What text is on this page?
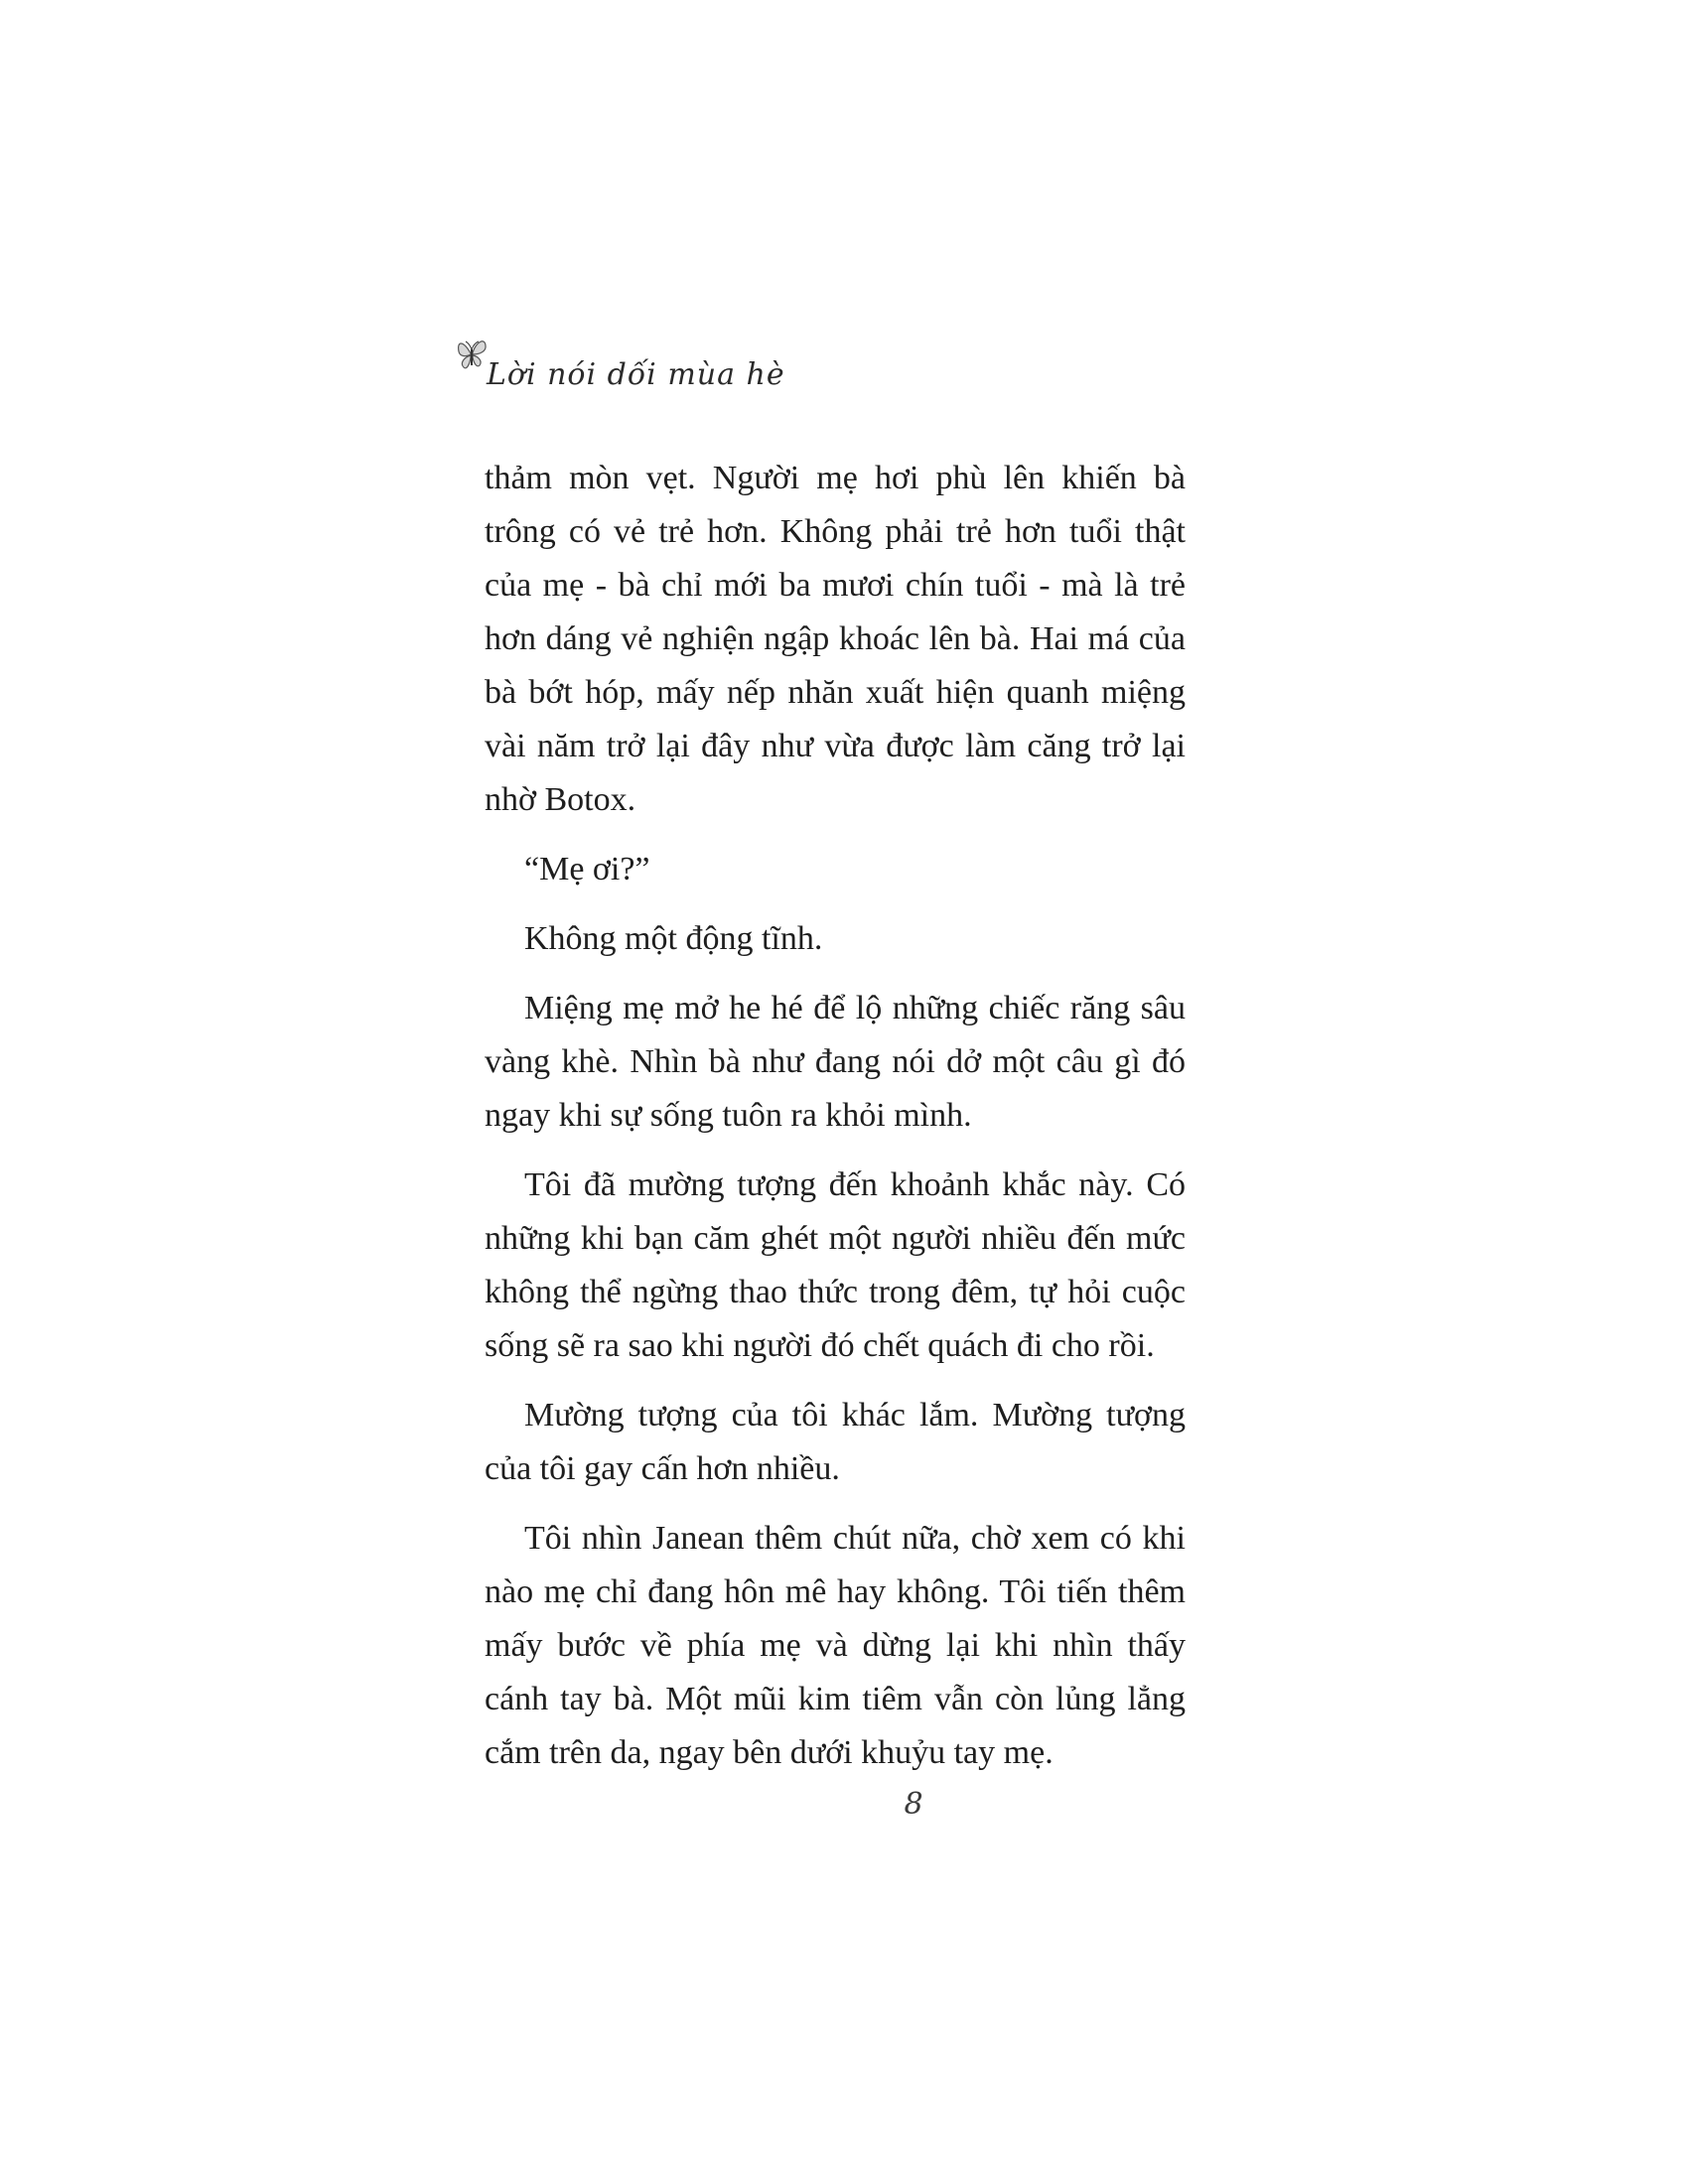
Lời nói dối mùa hè

thảm mòn vẹt. Người mẹ hơi phù lên khiến bà trông có vẻ trẻ hơn. Không phải trẻ hơn tuổi thật của mẹ - bà chỉ mới ba mươi chín tuổi - mà là trẻ hơn dáng vẻ nghiện ngập khoác lên bà. Hai má của bà bớt hóp, mấy nếp nhăn xuất hiện quanh miệng vài năm trở lại đây như vừa được làm căng trở lại nhờ Botox.

“Mẹ ơi?”

Không một động tĩnh.

Miệng mẹ mở he hé để lộ những chiếc răng sâu vàng khè. Nhìn bà như đang nói dở một câu gì đó ngay khi sự sống tuôn ra khỏi mình.

Tôi đã mường tượng đến khoảnh khắc này. Có những khi bạn căm ghét một người nhiều đến mức không thể ngừng thao thức trong đêm, tự hỏi cuộc sống sẽ ra sao khi người đó chết quách đi cho rồi.

Mường tượng của tôi khác lắm. Mường tượng của tôi gay cấn hơn nhiều.

Tôi nhìn Janean thêm chút nữa, chờ xem có khi nào mẹ chỉ đang hôn mê hay không. Tôi tiến thêm mấy bước về phía mẹ và dừng lại khi nhìn thấy cánh tay bà. Một mũi kim tiêm vẫn còn lủng lẳng cắm trên da, ngay bên dưới khuỷu tay mẹ.

8
